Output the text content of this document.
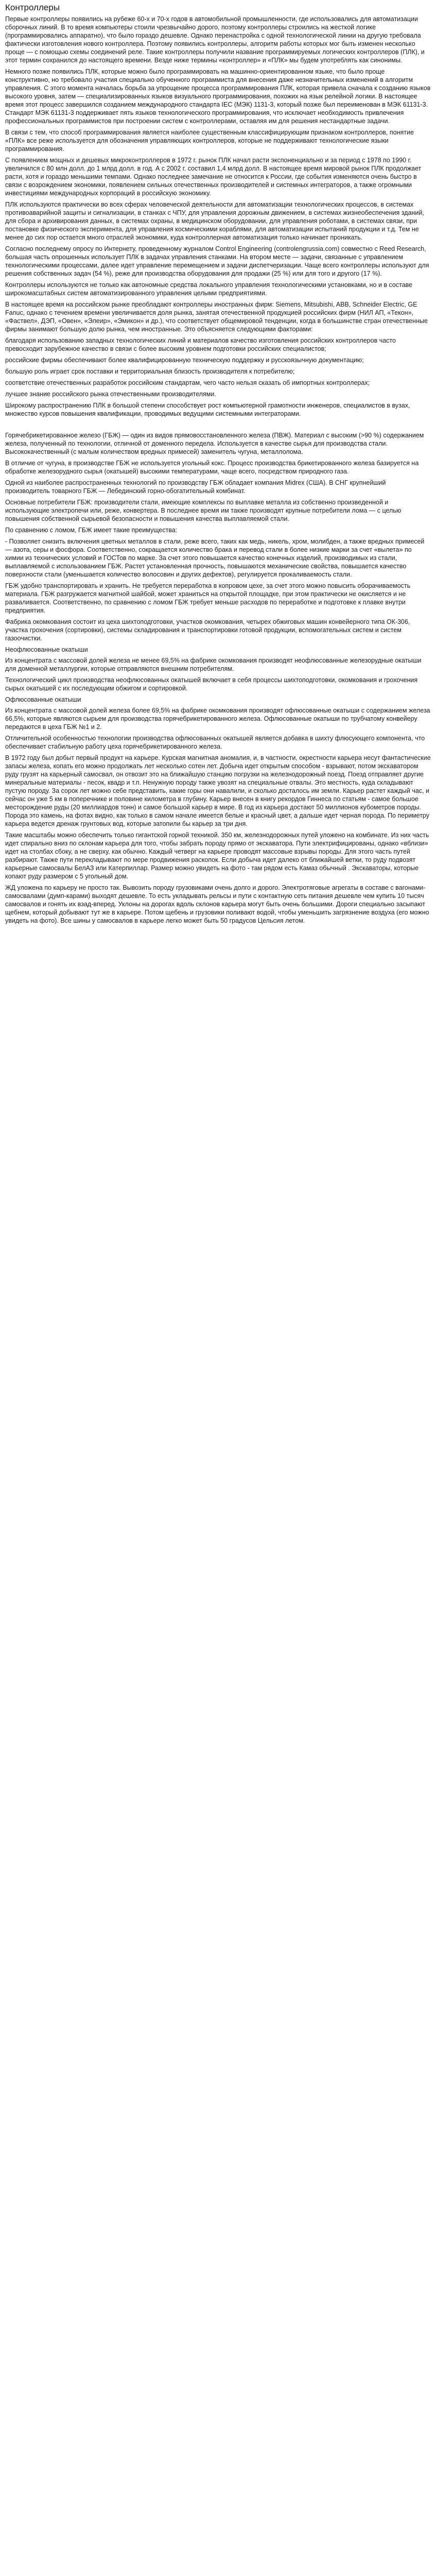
Контроллеры

Первые контроллеры появились на рубеже 60-х и 70-х годов в автомобильной промышленности, где использовались для автоматизации сборочных линий. В то время компьютеры стоили чрезвычайно дорого, поэтому контроллеры строились на жесткой логике (программировались аппаратно), что было гораздо дешевле. Однако перенастройка с одной технологической линии на другую требовала фактически изготовления нового контроллера. Поэтому появились контроллеры, алгоритм работы которых мог быть изменен несколько проще — с помощью схемы соединений реле. Такие контроллеры получили название программируемых логических контроллеров (ПЛК), и этот термин сохранился до настоящего времени. Везде ниже термины «контроллер» и «ПЛК» мы будем употреблять как синонимы.

Немного позже появились ПЛК, которые можно было программировать на машинно-ориентированном языке, что было проще конструктивно, но требовало участия специально обученного программиста для внесения даже незначительных изменений в алгоритм управления. С этого момента началась борьба за упрощение процесса программирования ПЛК, которая привела сначала к созданию языков высокого уровня, затем — специализированных языков визуального программирования, похожих на язык релейной логики. В настоящее время этот процесс завершился созданием международного стандарта IEC (МЭК) 1131-3, который позже был переименован в МЭК 61131-3. Стандарт МЭК 61131-3 поддерживает пять языков технологического программирования, что исключает необходимость привлечения профессиональных программистов при построении систем с контроллерами, оставляя им для решения нестандартные задачи.

В связи с тем, что способ программирования является наиболее существенным классифицирующим признаком контроллеров, понятие «ПЛК» все реже используется для обозначения управляющих контроллеров, которые не поддерживают технологические языки программирования.

С появлением мощных и дешевых микроконтроллеров в 1972 г. рынок ПЛК начал расти экспоненциально и за период с 1978 по 1990 г. увеличился с 80 млн долл. до 1 млрд долл. в год. А с 2002 г. составил 1,4 млрд долл. В настоящее время мировой рынок ПЛК продолжает расти, хотя и гораздо меньшими темпами. Однако последнее замечание не относится к России, где события изменяются очень быстро в связи с возрождением экономики, появлением сильных отечественных производителей и системных интеграторов, а также огромными инвестициями международных корпораций в российскую экономику.

ПЛК используются практически во всех сферах человеческой деятельности для автоматизации технологических процессов, в системах противоаварийной защиты и сигнализации, в станках с ЧПУ, для управления дорожным движением, в системах жизнеобеспечения зданий, для сбора и архивирования данных, в системах охраны, в медицинском оборудовании, для управления роботами, в системах связи, при постановке физического эксперимента, для управления космическими кораблями, для автоматизации испытаний продукции и т.д. Тем не менее до сих пор остается много отраслей экономики, куда контроллерная автоматизация только начинает проникать.

Согласно последнему опросу по Интернету, проведенному журналом Control Engineering (controlengrussia.com) совместно с Reed Research, большая часть опрошенных использует ПЛК в задачах управления станками. На втором месте — задачи, связанные с управлением технологическими процессами, далее идет управление перемещением и задачи диспетчеризации. Чаще всего контроллеры используют для решения собственных задач (54 %), реже для производства оборудования для продажи (25 %) или для того и другого (17 %).

Контроллеры используются не только как автономные средства локального управления технологическими установками, но и в составе широкомасштабных систем автоматизированного управления целыми предприятиями.

В настоящее время на российском рынке преобладают контроллеры иностранных фирм: Siemens, Mitsubishi, ABB, Schneider Electric, GE Fanuc, однако с течением времени увеличивается доля рынка, занятая отечественной продукцией российских фирм (НИЛ АП, «Текон», «Фаствел», ДЭП, «Овен», «Элеир», «Эмикон» и др.), что соответствует общемировой тенденции, когда в большинстве стран отечественные фирмы занимают большую долю рынка, чем иностранные. Это объясняется следующими факторами:

благодаря использованию западных технологических линий и материалов качество изготовления российских контроллеров часто превосходит зарубежное качество в связи с более высоким уровнем подготовки российских специалистов;

российские фирмы обеспечивают более квалифицированную техническую поддержку и русскоязычную документацию;

большую роль играет срок поставки и территориальная близость производителя к потребителю;

соответствие отечественных разработок российским стандартам, чего часто нельзя сказать об импортных контроллерах;

лучшее знание российского рынка отечественными производителями.

Широкому распространению ПЛК в большой степени способствует рост компьютерной грамотности инженеров, специалистов в вузах, множество курсов повышения квалификации, проводимых ведущими системными интеграторами.

Горячебрикетированное железо (ГБЖ) — один из видов прямовосстановленного железа (ПВЖ). Материал с высоким (>90 %) содержанием железа, полученный по технологии, отличной от доменного передела. Используется в качестве сырья для производства стали. Высококачественный (с малым количеством вредных примесей) заменитель чугуна, металлолома.

В отличие от чугуна, в производстве ГБЖ не используется угольный кокс. Процесс производства брикетированного железа базируется на обработке железорудного сырья (окатышей) высокими температурами, чаще всего, посредством природного газа.

Одной из наиболее распространенных технологий по производству ГБЖ обладает компания Midrex (США). В СНГ крупнейший производитель товарного ГБЖ — Лебединский горно-обогатительный комбинат.

Основные потребители ГБЖ: производители стали, имеющие комплексы по выплавке металла из собственно произведенной и использующие электропечи или, реже, конвертера. В последнее время им также производят крупные потребители лома — с целью повышения собственной сырьевой безопасности и повышения качества выплавляемой стали.

По сравнению с ломом, ГБЖ имеет такие преимущества:

- Позволяет снизить включения цветных металлов в стали, реже всего, таких как медь, никель, хром, молибден, а также вредных примесей — азота, серы и фосфора. Соответственно, сокращается количество брака и перевод стали в более низкие марки за счет «вылета» по химии из технических условий и ГОСТов по марке. За счет этого повышается качество конечных изделий, производимых из стали, выплавляемой с использованием ГБЖ. Растет установленная прочность, повышаются механические свойства, повышается качество поверхности стали (уменьшается количество волосовин и других дефектов), регулируется прокаливаемость стали.

ГБЖ удобно транспортировать и хранить. Не требуется переработка в копровом цехе, за счет этого можно повысить оборачиваемость материала. ГБЖ разгружается магнитной шайбой, может храниться на открытой площадке, при этом практически не окисляется и не разваливается. Соответственно, по сравнению с ломом ГБЖ требует меньше расходов по переработке и подготовке к плавке внутри предприятия.

Фабрика окомкования состоит из цеха шихтоподготовки, участков окомкования, четырех обжиговых машин конвейерного типа ОК-306, участка грохочения (сортировки), системы складирования и транспортировки готовой продукции, вспомогательных систем и систем газоочистки.

Неофлюсованные окатыши

Из концентрата с массовой долей железа не менее 69,5% на фабрике окомкования производят неофлюсованные железорудные окатыши для доменной металлургии, которые отправляются внешним потребителям.

Технологический цикл производства неофлюсованных окатышей включает в себя процессы шихтоподготовки, окомкования и грохочения сырых окатышей с их последующим обжигом и сортировкой.

Офлюсованные окатыши

Из концентрата с массовой долей железа более 69,5% на фабрике окомкования производят офлюсованные окатыши с содержанием железа 66,5%, которые являются сырьем для производства горячебрикетированного железа. Офлюсованные окатыши по трубчатому конвейеру передаются в цеха ГБЖ №1 и 2.

Отличительной особенностью технологии производства офлюсованных окатышей является добавка в шихту флюсующего компонента, что обеспечивает стабильную работу цеха горячебрикетированного железа.

В 1972 году был добыт первый продукт на карьере. Курская магнитная аномалия, и, в частности, окрестности карьера несут фантастические запасы железа, копать его можно продолжать лет несколько сотен лет. Добыча идет открытым способом - взрывают, потом экскаватором руду грузят на карьерный самосвал, он отвозит это на ближайшую станцию погрузки на железнодорожный поезд. Поезд отправляет другие минеральные материалы - песок, квадр и т.п. Ненужную породу также увозят на специальные отвалы. Это местность, куда складывают пустую породу. За сорок лет можно себе представить, какие горы они навалили, и сколько досталось им земли. Карьер растет каждый час, и сейчас он уже 5 км в поперечнике и половине километра в глубину. Карьер внесен в книгу рекордов Гиннеса по статьям - самое большое месторождение руды (20 миллиардов тонн) и самое большой карьер в мире. В год из карьера достают 50 миллионов кубометров породы. Порода это камень, на фотах видно, как только в самом начале имеется белые и красный цвет, а дальше идет черная порода. По периметру карьера ведется дренаж грунтовых вод, которые затопили бы карьер за три дня.

Такие масштабы можно обеспечить только гигантской горной техникой. 350 км, железнодорожных путей уложено на комбинате. Из них часть идет спирально вниз по склонам карьера для того, чтобы забрать породу прямо от экскаватора. Пути электрифицированы, однако «вблизи» идет на столбах сбоку, а не сверху, как обычно. Каждый четверг на карьере проводят массовые взрывы породы. Для этого часть путей разбирают. Также пути перекладывают по мере продвижения раскопок. Если добыча идет далеко от ближайшей ветки, то руду подвозят карьерные самосвалы БелАЗ или Катерпиллар. Размер можно увидеть на фото - там рядом есть Камаз обычный . Экскаваторы, которые копают руду размером с 5 угольный дом.

ЖД уложена по карьеру не просто так. Вывозить породу грузовиками очень долго и дорого. Электротяговые агрегаты в составе с вагонами-самосвалами (думп-карами) выходят дешевле. То есть укладывать рельсы и пути с контактную сеть питания дешевле чем купить 10 тысяч самосвалов и гонять их взад-вперед. Уклоны на дорогах вдоль склонов карьера могут быть очень большими. Дороги специально засыпают щебнем, который добывают тут же в карьере. Потом щебень и грузовики поливают водой, чтобы уменьшить загрязнение воздуха (его можно увидеть на фото). Все шины у самосвалов в карьере легко может быть 50 градусов Цельсия летом.
